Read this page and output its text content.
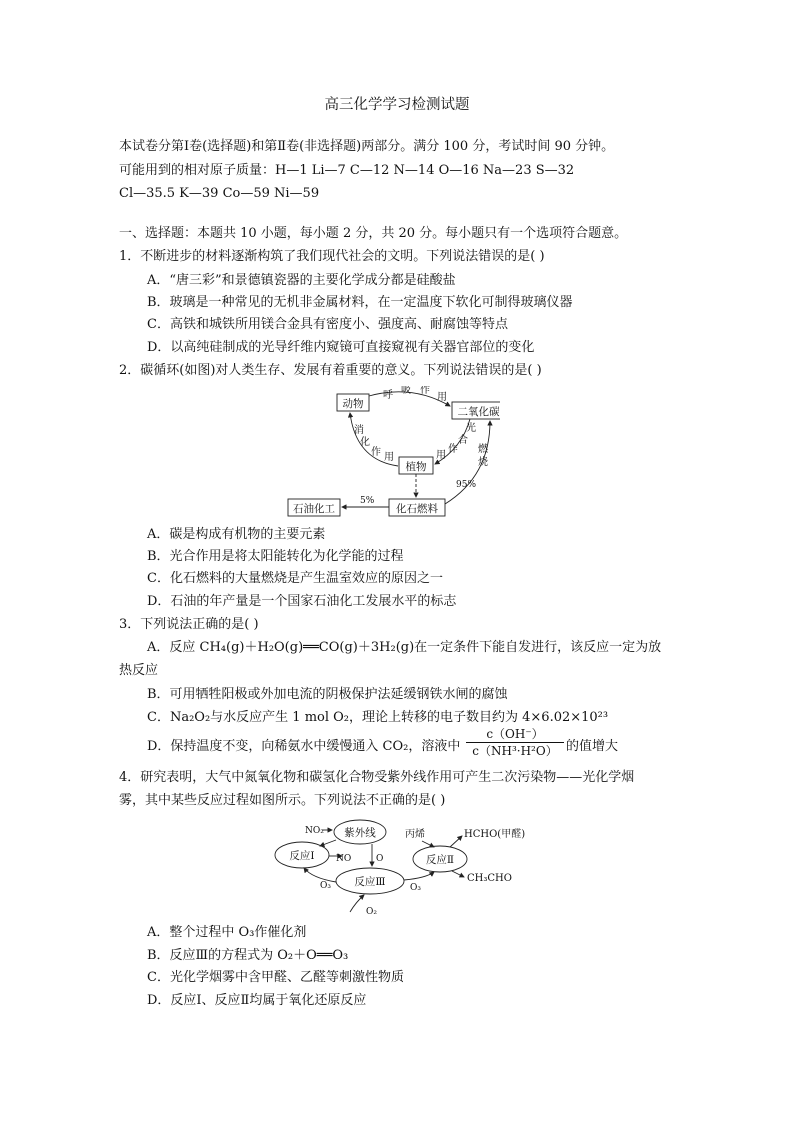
高三化学学习检测试题
本试卷分第Ⅰ卷(选择题)和第Ⅱ卷(非选择题)两部分。满分 100 分，考试时间 90 分钟。
可能用到的相对原子质量：H—1 Li—7 C—12 N—14 O—16 Na—23 S—32
Cl—35.5 K—39 Co—59 Ni—59
一、选择题：本题共 10 小题，每小题 2 分，共 20 分。每小题只有一个选项符合题意。
1．不断进步的材料逐渐构筑了我们现代社会的文明。下列说法错误的是( )
A．“唐三彩”和景德镇瓷器的主要化学成分都是硅酸盐
B．玻璃是一种常见的无机非金属材料，在一定温度下软化可制得玻璃仪器
C．高铁和城铁所用镁合金具有密度小、强度高、耐腐蚀等特点
D．以高纯硅制成的光导纤维内窥镜可直接窥视有关器官部位的变化
2．碳循环(如图)对人类生存、发展有着重要的意义。下列说法错误的是( )
动物
二氧化碳
植物
化石燃料
石油化工
呼 吸 作
用
光
合
作
用
消
化
作 用
燃
烧
95%
5%
A．碳是构成有机物的主要元素
B．光合作用是将太阳能转化为化学能的过程
C．化石燃料的大量燃烧是产生温室效应的原因之一
D．石油的年产量是一个国家石油化工发展水平的标志
3．下列说法正确的是( )
A．反应 CH₄(g)＋H₂O(g)══CO(g)＋3H₂(g)在一定条件下能自发进行，该反应一定为放
热反应
B．可用牺牲阳极或外加电流的阴极保护法延缓钢铁水闸的腐蚀
C．Na₂O₂与水反应产生 1 mol O₂，理论上转移的电子数目约为 4×6.02×10²³
D．保持温度不变，向稀氨水中缓慢通入 CO₂，溶液中
c（OH⁻）
c（NH³·H²O） 的值增大
4．研究表明，大气中氮氧化物和碳氢化合物受紫外线作用可产生二次污染物——光化学烟
雾，其中某些反应过程如图所示。下列说法不正确的是( )
紫外线
反应Ⅰ	反应Ⅱ
反应Ⅲ
NO₂
NO	O
O₃	O₃
O₂
丙烯	HCHO(甲醛)
CH₃CHO
A．整个过程中 O₃作催化剂
B．反应Ⅲ的方程式为 O₂＋O══O₃
C．光化学烟雾中含甲醛、乙醛等刺激性物质
D．反应Ⅰ、反应Ⅱ均属于氧化还原反应
